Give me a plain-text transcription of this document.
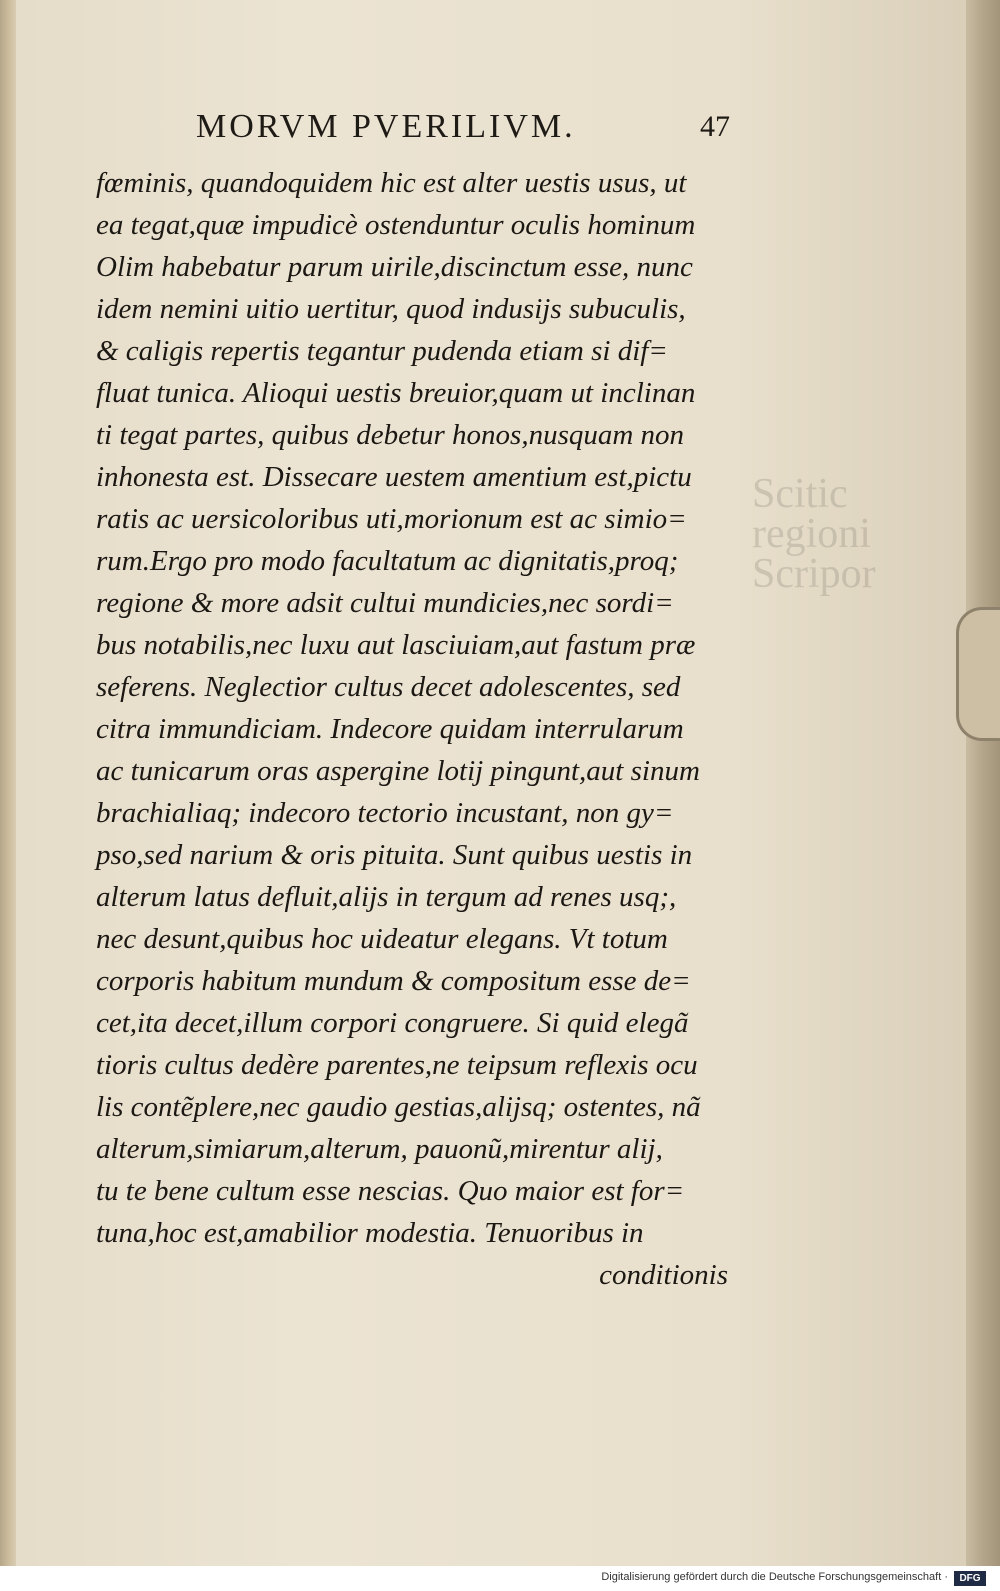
Scitic
regioni
Scripor
MORVM PVERILIVM.	47
fœminis, quandoquidem hic est alter uestis usus, ut
ea tegat,quæ impudicè ostenduntur oculis hominum
Olim habebatur parum uirile,discinctum esse, nunc
idem nemini uitio uertitur, quod indusijs subuculis,
& caligis repertis tegantur pudenda etiam si dif=
fluat tunica. Alioqui uestis breuior,quam ut inclinan
ti tegat partes, quibus debetur honos,nusquam non
inhonesta est. Dissecare uestem amentium est,pictu
ratis ac uersicoloribus uti,morionum est ac simio=
rum.Ergo pro modo facultatum ac dignitatis,proq;
regione & more adsit cultui mundicies,nec sordi=
bus notabilis,nec luxu aut lasciuiam,aut fastum præ
seferens. Neglectior cultus decet adolescentes, sed
citra immundiciam. Indecore quidam interrularum
ac tunicarum oras aspergine lotij pingunt,aut sinum
brachialiaq; indecoro tectorio incustant, non gy=
pso,sed narium & oris pituita. Sunt quibus uestis in
alterum latus defluit,alijs in tergum ad renes usq;,
nec desunt,quibus hoc uideatur elegans. Vt totum
corporis habitum mundum & compositum esse de=
cet,ita decet,illum corpori congruere. Si quid elegã
tioris cultus dedère parentes,ne teipsum reflexis ocu
lis contẽplere,nec gaudio gestias,alijsq; ostentes, nã
alterum,simiarum,alterum, pauonũ,mirentur alij,
tu te bene cultum esse nescias. Quo maior est for=
tuna,hoc est,amabilior modestia. Tenuoribus in
conditionis
Digitalisierung gefördert durch die Deutsche Forschungsgemeinschaft ·	DFG
